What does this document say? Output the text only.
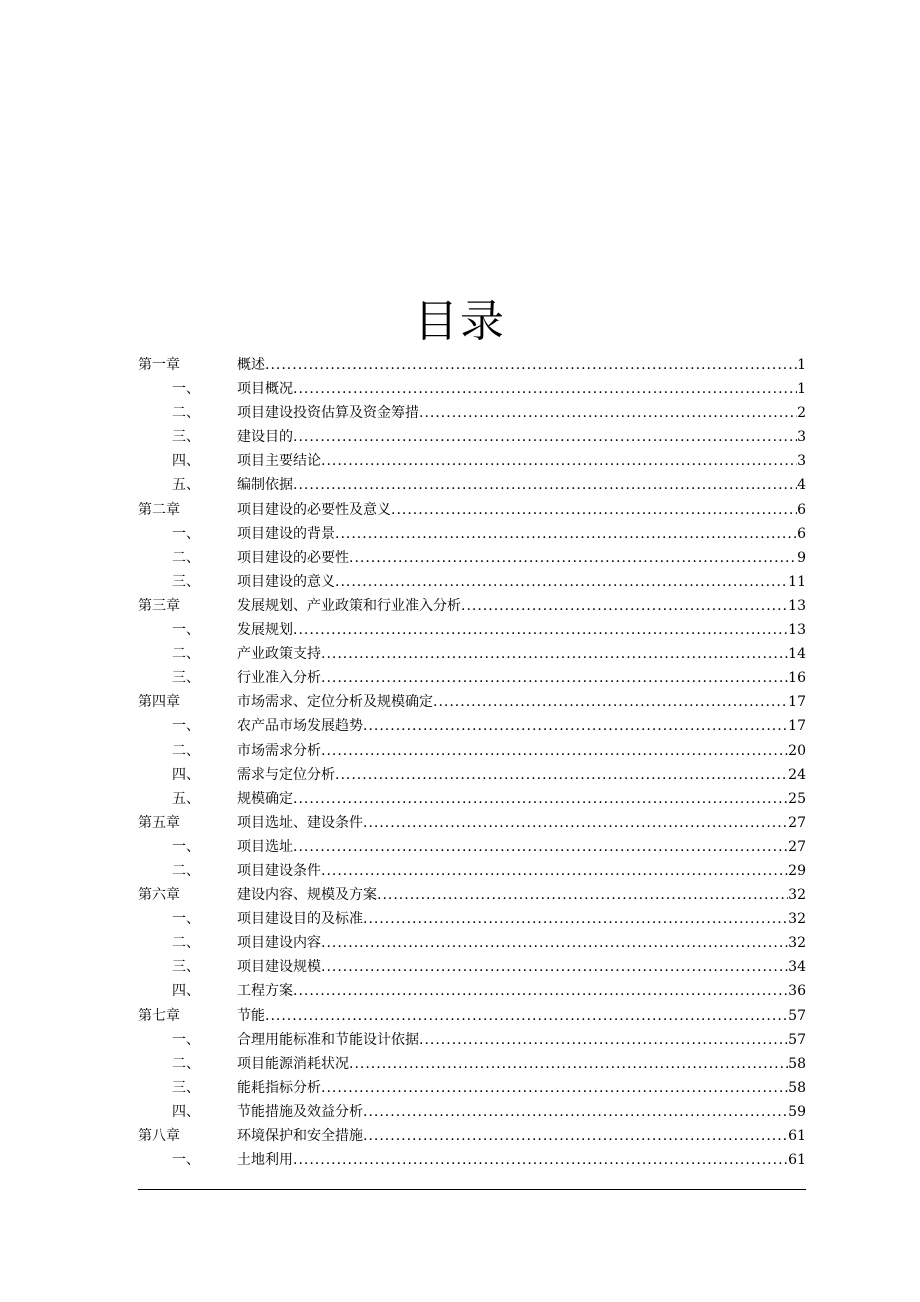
目录
第一章	概述 .....	1
一、	项目概况 .....	1
二、	项目建设投资估算及资金筹措 .....	2
三、	建设目的 .....	3
四、	项目主要结论 .....	3
五、	编制依据 .....	4
第二章	项目建设的必要性及意义 .....	6
一、	项目建设的背景 .....	6
二、	项目建设的必要性 .....	9
三、	项目建设的意义 .....	11
第三章	发展规划、产业政策和行业准入分析 .....	13
一、	发展规划 .....	13
二、	产业政策支持 .....	14
三、	行业准入分析 .....	16
第四章	市场需求、定位分析及规模确定 .....	17
一、	农产品市场发展趋势 .....	17
二、	市场需求分析 .....	20
四、	需求与定位分析 .....	24
五、	规模确定 .....	25
第五章	项目选址、建设条件 .....	27
一、	项目选址 .....	27
二、	项目建设条件 .....	29
第六章	建设内容、规模及方案 .....	32
一、	项目建设目的及标准 .....	32
二、	项目建设内容 .....	32
三、	项目建设规模 .....	34
四、	工程方案 .....	36
第七章	节能 .....	57
一、	合理用能标准和节能设计依据 .....	57
二、	项目能源消耗状况 .....	58
三、	能耗指标分析 .....	58
四、	节能措施及效益分析 .....	59
第八章	环境保护和安全措施 .....	61
一、	土地利用 .....	61
